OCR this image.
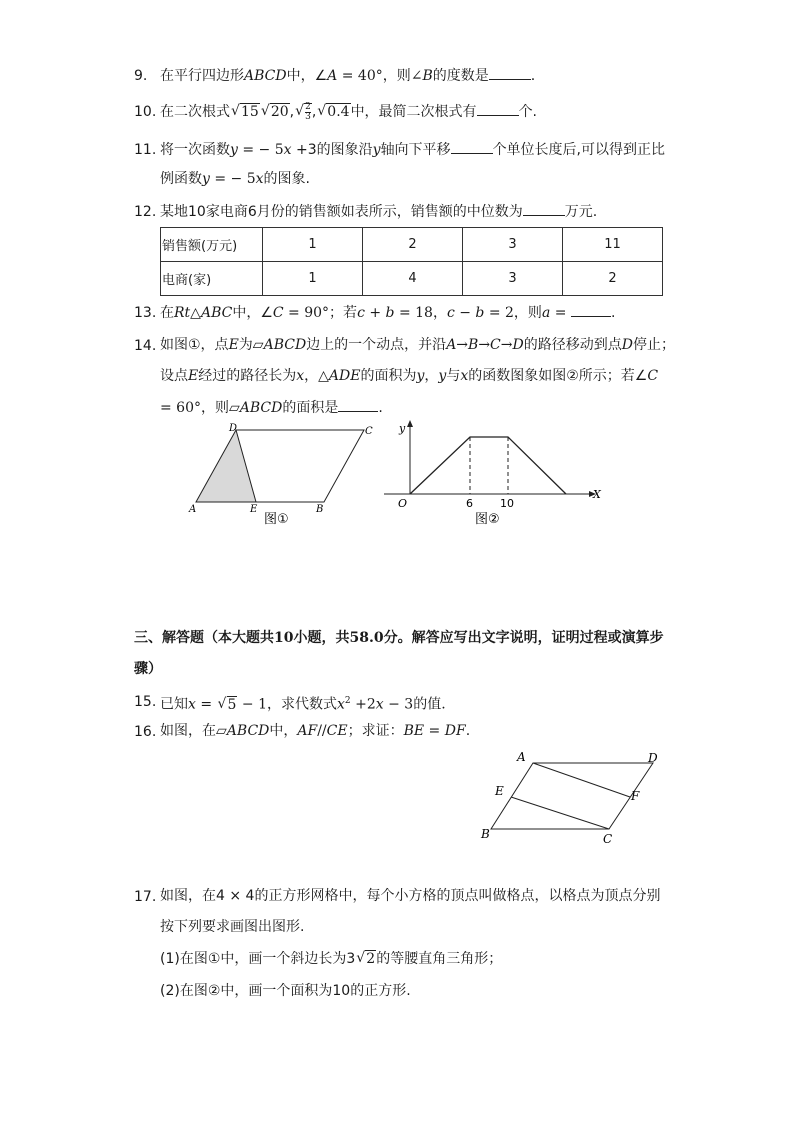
9. 在平行四边形ABCD中，∠A = 40°，则∠B的度数是	.
10. 在二次根式 √ 15 √ 20, √ $\frac{2}{3}$ , √ 0.4中，最简二次根式有	个.
11. 将一次函数y = − 5x +3的图象沿y轴向下平移	个单位长度后,可以得到正比
例函数y = − 5x的图象.
12. 某地10家电商6月份的销售额如表所示，销售额的中位数为	万元.
销售额(万元)	1	2	3	11
电商(家)	1	4	3	2
13. 在Rt△ABC中，∠C = 90°；若c + b = 18，c − b = 2，则a =	.
14. 如图①，点E为▱ABCD边上的一个动点，并沿A→B→C→D的路径移动到点D停止；
设点E经过的路径长为x，△ADE的面积为y，y与x的函数图象如图②所示；若∠C
= 60°，则▱ABCD的面积是	.
A
D	C
E	B
图①
y
X
O	6 10
图②
三、解答题（本大题共10小题，共58.0分。解答应写出文字说明，证明过程或演算步
骤）
15. 已知x = √ 5 − 1，求代数式$x^2 +2x - 3$的值.
16. 如图，在▱ABCD中，AF//CE；求证：BE = DF.
A	D
E	F
B	C
17. 如图，在4 × 4的正方形网格中，每个小方格的顶点叫做格点，以格点为顶点分别
按下列要求画图出图形.
(1)在图①中，画一个斜边长为3 √ 2的等腰直角三角形；
(2)在图②中，画一个面积为10的正方形.
